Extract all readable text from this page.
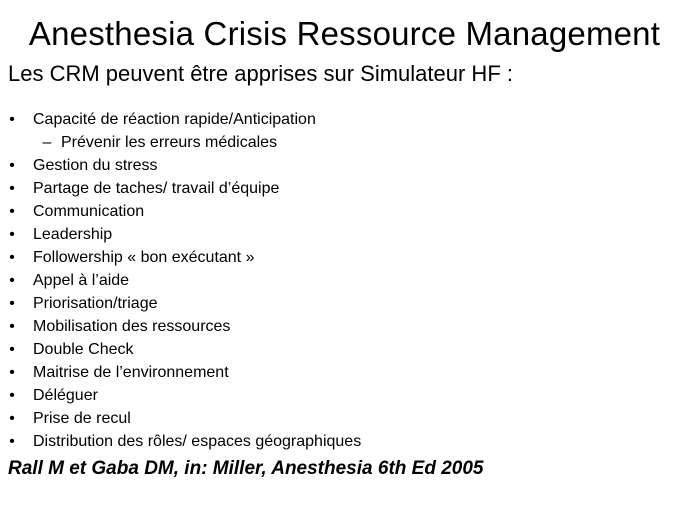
Anesthesia Crisis Ressource Management
Les CRM peuvent être apprises sur Simulateur HF :
• Capacité de réaction rapide/Anticipation
– Prévenir les erreurs médicales
• Gestion du stress
• Partage de taches/ travail d’équipe
• Communication
• Leadership
• Followership « bon exécutant »
• Appel à l’aide
• Priorisation/triage
• Mobilisation des ressources
• Double Check
• Maitrise de l’environnement
• Déléguer
• Prise de recul
• Distribution des rôles/ espaces géographiques
Rall M et Gaba DM, in: Miller, Anesthesia 6th Ed 2005
